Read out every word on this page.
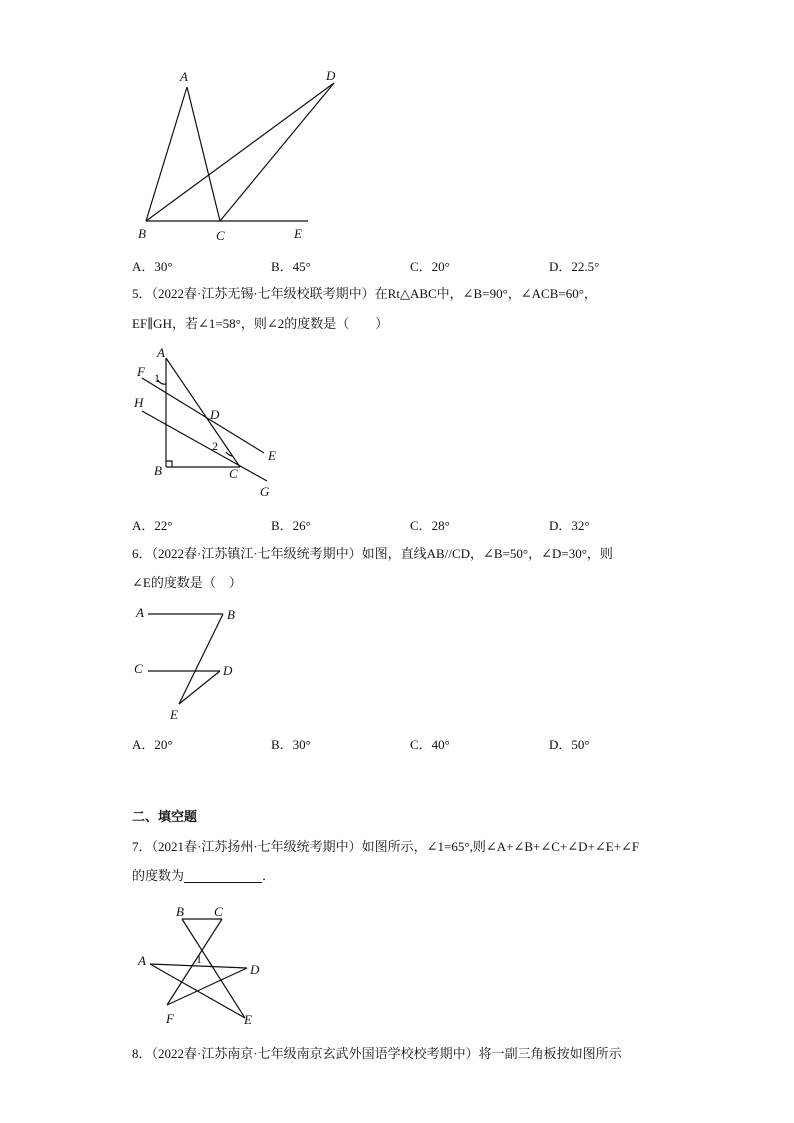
A	D
B	C	E
A．30°	B．45°	C．20°	D．22.5°
5．（2022春·江苏无锡·七年级校联考期中）在Rt△ABC中，∠B=90°，∠ACB=60°，
EF∥GH，若∠1=58°，则∠2的度数是（　　）
A
F 1
H
D
2
E
B	C
G
A．22°	B．26°	C．28°	D．32°
6．（2022春·江苏镇江·七年级统考期中）如图，直线AB//CD，∠B=50°，∠D=30°，则
∠E的度数是（　）
A	B
C	D
E
A．20°	B．30°	C．40°	D．50°
二、填空题
7．（2021春·江苏扬州·七年级统考期中）如图所示，∠1=65°,则∠A+∠B+∠C+∠D+∠E+∠F
的度数为	．
B C
A	1
D
F	E
8．（2022春·江苏南京·七年级南京玄武外国语学校校考期中）将一副三角板按如图所示
